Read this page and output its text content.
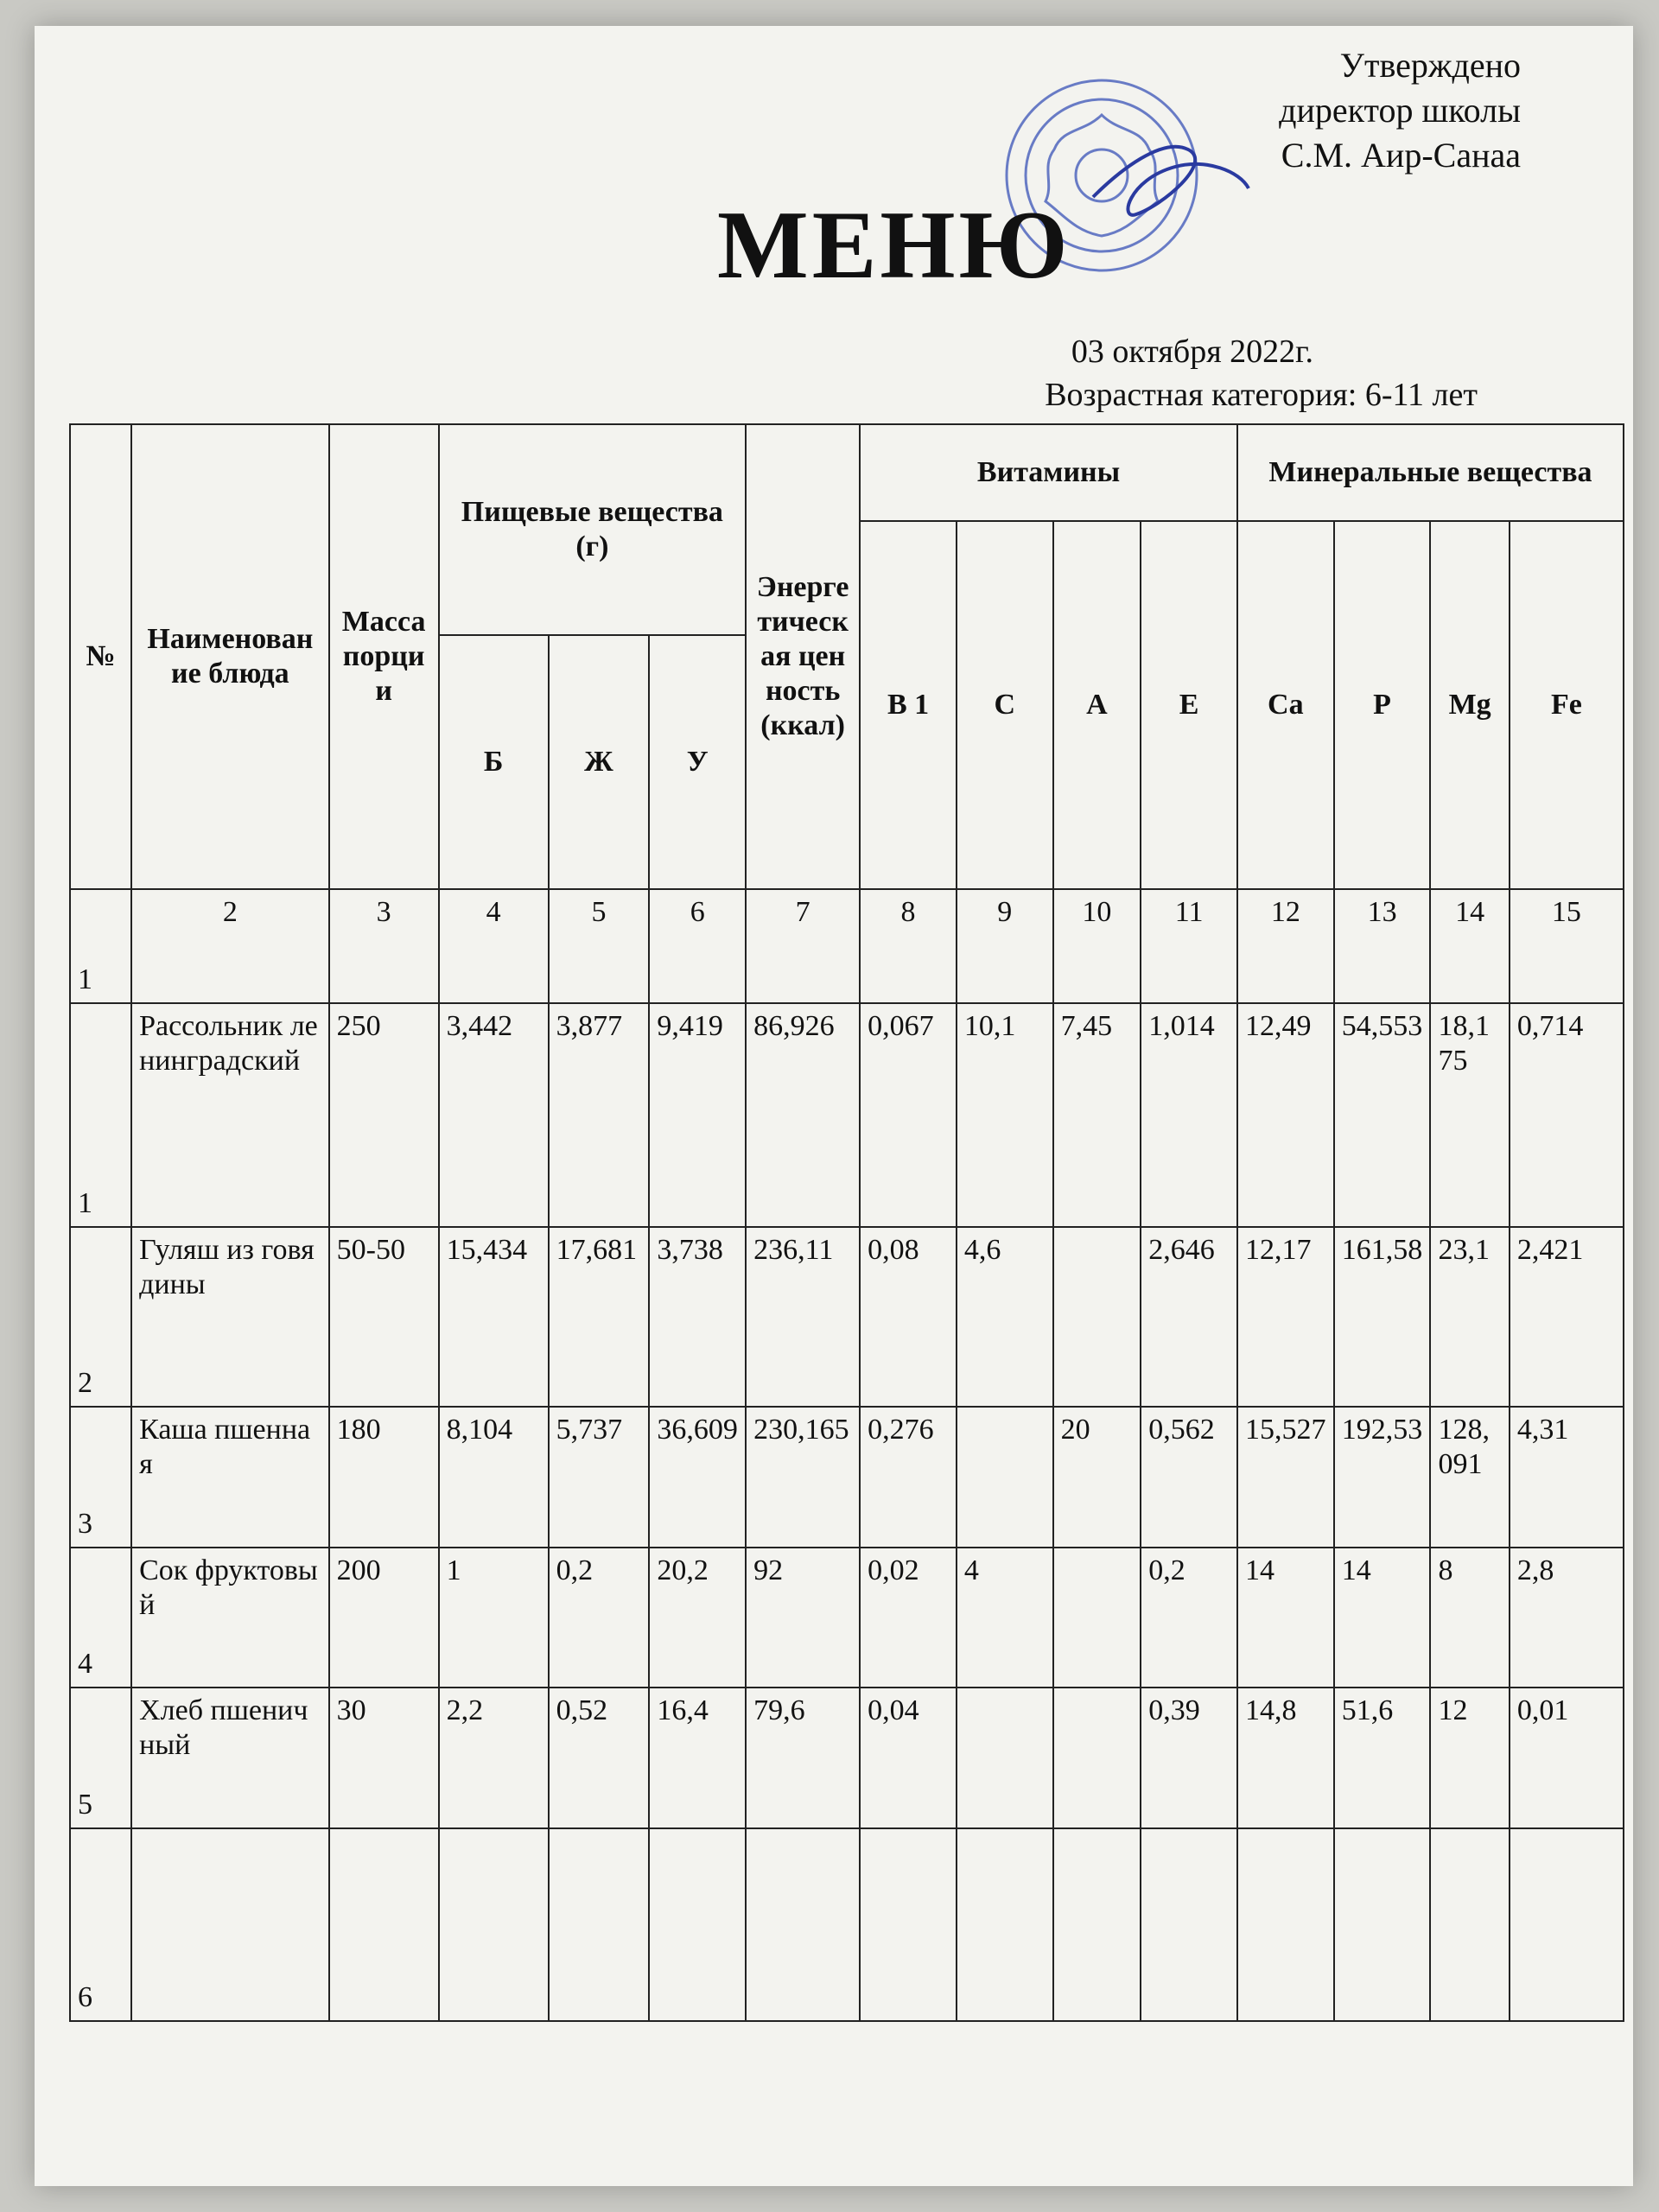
Утверждено
директор школы
С.М. Аир-Санаа
МЕНЮ
03 октября 2022г.
Возрастная категория: 6-11 лет
№	Наименование блюда	Масса порции	Пищевые вещества (г)			Энергетическая ценность (ккал)	Витамины				Минеральные вещества			
							В 1	С	А	Е	Са	Р	Mg	Fe
			Б	Ж	У									
1	2	3	4	5	6	7	8	9	10	11	12	13	14	15
1	Рассольник ленинградский	250	3,442	3,877	9,419	86,926	0,067	10,1	7,45	1,014	12,49	54,553	18,175	0,714
2	Гуляш из говядины	50-50	15,434	17,681	3,738	236,11	0,08	4,6		2,646	12,17	161,58	23,1	2,421
3	Каша пшенная	180	8,104	5,737	36,609	230,165	0,276		20	0,562	15,527	192,53	128,091	4,31
4	Сок фруктовый	200	1	0,2	20,2	92	0,02	4		0,2	14	14	8	2,8
5	Хлеб пшеничный	30	2,2	0,52	16,4	79,6	0,04			0,39	14,8	51,6	12	0,01
6														
